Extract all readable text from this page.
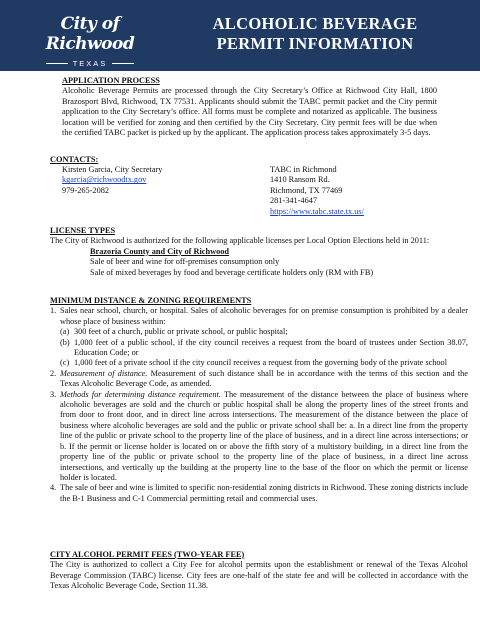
City of Richwood
TEXAS
ALCOHOLIC BEVERAGE
PERMIT INFORMATION
APPLICATION PROCESS
Alcoholic Beverage Permits are processed through the City Secretary’s Office at Richwood City Hall, 1800 Brazosport Blvd, Richwood, TX 77531. Applicants should submit the TABC permit packet and the City permit application to the City Secretary’s office. All forms must be complete and notarized as applicable. The business location will be verified for zoning and then certified by the City Secretary. City permit fees will be due when the certified TABC packet is picked up by the applicant. The application process takes approximately 3-5 days.
CONTACTS:
Kirsten Garcia, City Secretary
kgarcia@richwoodtx.gov
979-265-2082
TABC in Richmond
1410 Ransom Rd.
Richmond, TX 77469
281-341-4647
https://www.tabc.state.tx.us/
LICENSE TYPES
The City of Richwood is authorized for the following applicable licenses per Local Option Elections held in 2011:
Brazoria County and City of Richwood
Sale of beer and wine for off-premises consumption only
Sale of mixed beverages by food and beverage certificate holders only (RM with FB)
MINIMUM DISTANCE & ZONING REQUIREMENTS
1. Sales near school, church, or hospital. Sales of alcoholic beverages for on premise consumption is prohibited by a dealer whose place of business within:
(a) 300 feet of a church, public or private school, or public hospital;
(b) 1,000 feet of a public school, if the city council receives a request from the board of trustees under Section 38.07, Education Code; or
(c) 1,000 feet of a private school if the city council receives a request from the governing body of the private school
2. Measurement of distance. Measurement of such distance shall be in accordance with the terms of this section and the Texas Alcoholic Beverage Code, as amended.
3. Methods for determining distance requirement. The measurement of the distance between the place of business where alcoholic beverages are sold and the church or public hospital shall be along the property lines of the street fronts and from door to front door, and in direct line across intersections. The measurement of the distance between the place of business where alcoholic beverages are sold and the public or private school shall be: a. In a direct line from the property line of the public or private school to the property line of the place of business, and in a direct line across intersections; or b. If the permit or license holder is located on or above the fifth story of a multistory building, in a direct line from the property line of the public or private school to the property line of the place of business, in a direct line across intersections, and vertically up the building at the property line to the base of the floor on which the permit or license holder is located.
4. The sale of beer and wine is limited to specific non-residential zoning districts in Richwood. These zoning districts include the B-1 Business and C-1 Commercial permitting retail and commercial uses.
CITY ALCOHOL PERMIT FEES (TWO-YEAR FEE)
The City is authorized to collect a City Fee for alcohol permits upon the establishment or renewal of the Texas Alcohol Beverage Commission (TABC) license. City fees are one-half of the state fee and will be collected in accordance with the Texas Alcoholic Beverage Code, Section 11.38.
